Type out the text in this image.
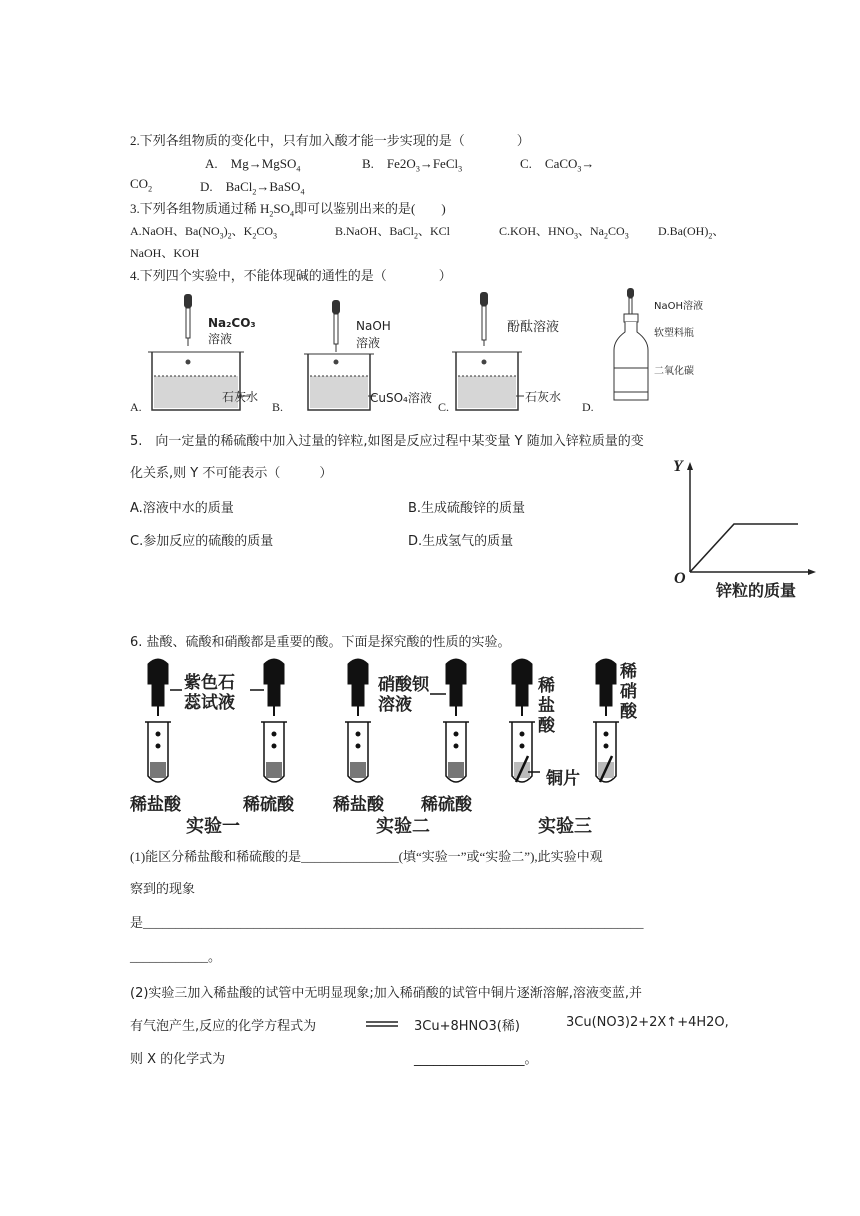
2.下列各组物质的变化中，只有加入酸才能一步实现的是（　　　　）
A.　Mg→MgSO$_4$	B.　$Fe2O_3\to FeCl_3$	C.　CaCO$_3$→
$CO_2$	D.　BaCl$_2$→BaSO$_4$
3.下列各组物质通过稀 $H_2SO_4$即可以鉴别出来的是(　　)
A.NaOH、$Ba(NO_3)_2$、$K_2CO_3$	B.NaOH、BaCl$_2$、KCl	C.KOH、$HNO_3$、$Na_2CO_3$ $D.Ba(OH)_2$、
NaOH、KOH
4.下列四个实验中，不能体现碱的通性的是（　　　　）
Na₂CO₃
溶液
石灰水
A.
NaOH
溶液
CuSO₄溶液
B.
酚酞溶液
石灰水
C.
NaOH溶液
软塑料瓶
二氧化碳
D.
5.　向一定量的稀硫酸中加入过量的锌粒,如图是反应过程中某变量 Y 随加入锌粒质量的变
化关系,则 Y 不可能表示（　　　）
A.溶液中水的质量	B.生成硫酸锌的质量
C.参加反应的硫酸的质量	D.生成氢气的质量
Y
O
锌粒的质量
6. 盐酸、硫酸和硝酸都是重要的酸。下面是探究酸的性质的实验。
紫色石
蕊试液
硝酸钡
溶液
稀
盐
酸
稀
硝
酸
铜片
稀盐酸	稀硫酸 稀盐酸 稀硫酸
实验一	实验二	实验三
(1)能区分稀盐酸和稀硫酸的是_______________(填“实验一”或“实验二”),此实验中观
察到的现象
是_____________________________________________________________________________
____________。
(2)实验三加入稀盐酸的试管中无明显现象;加入稀硝酸的试管中铜片逐渐溶解,溶液变蓝,并
有气泡产生,反应的化学方程式为	3Cu+8HNO3(稀)	3Cu(NO3)2+2X↑+4H2O,
则 X 的化学式为	_________________。
